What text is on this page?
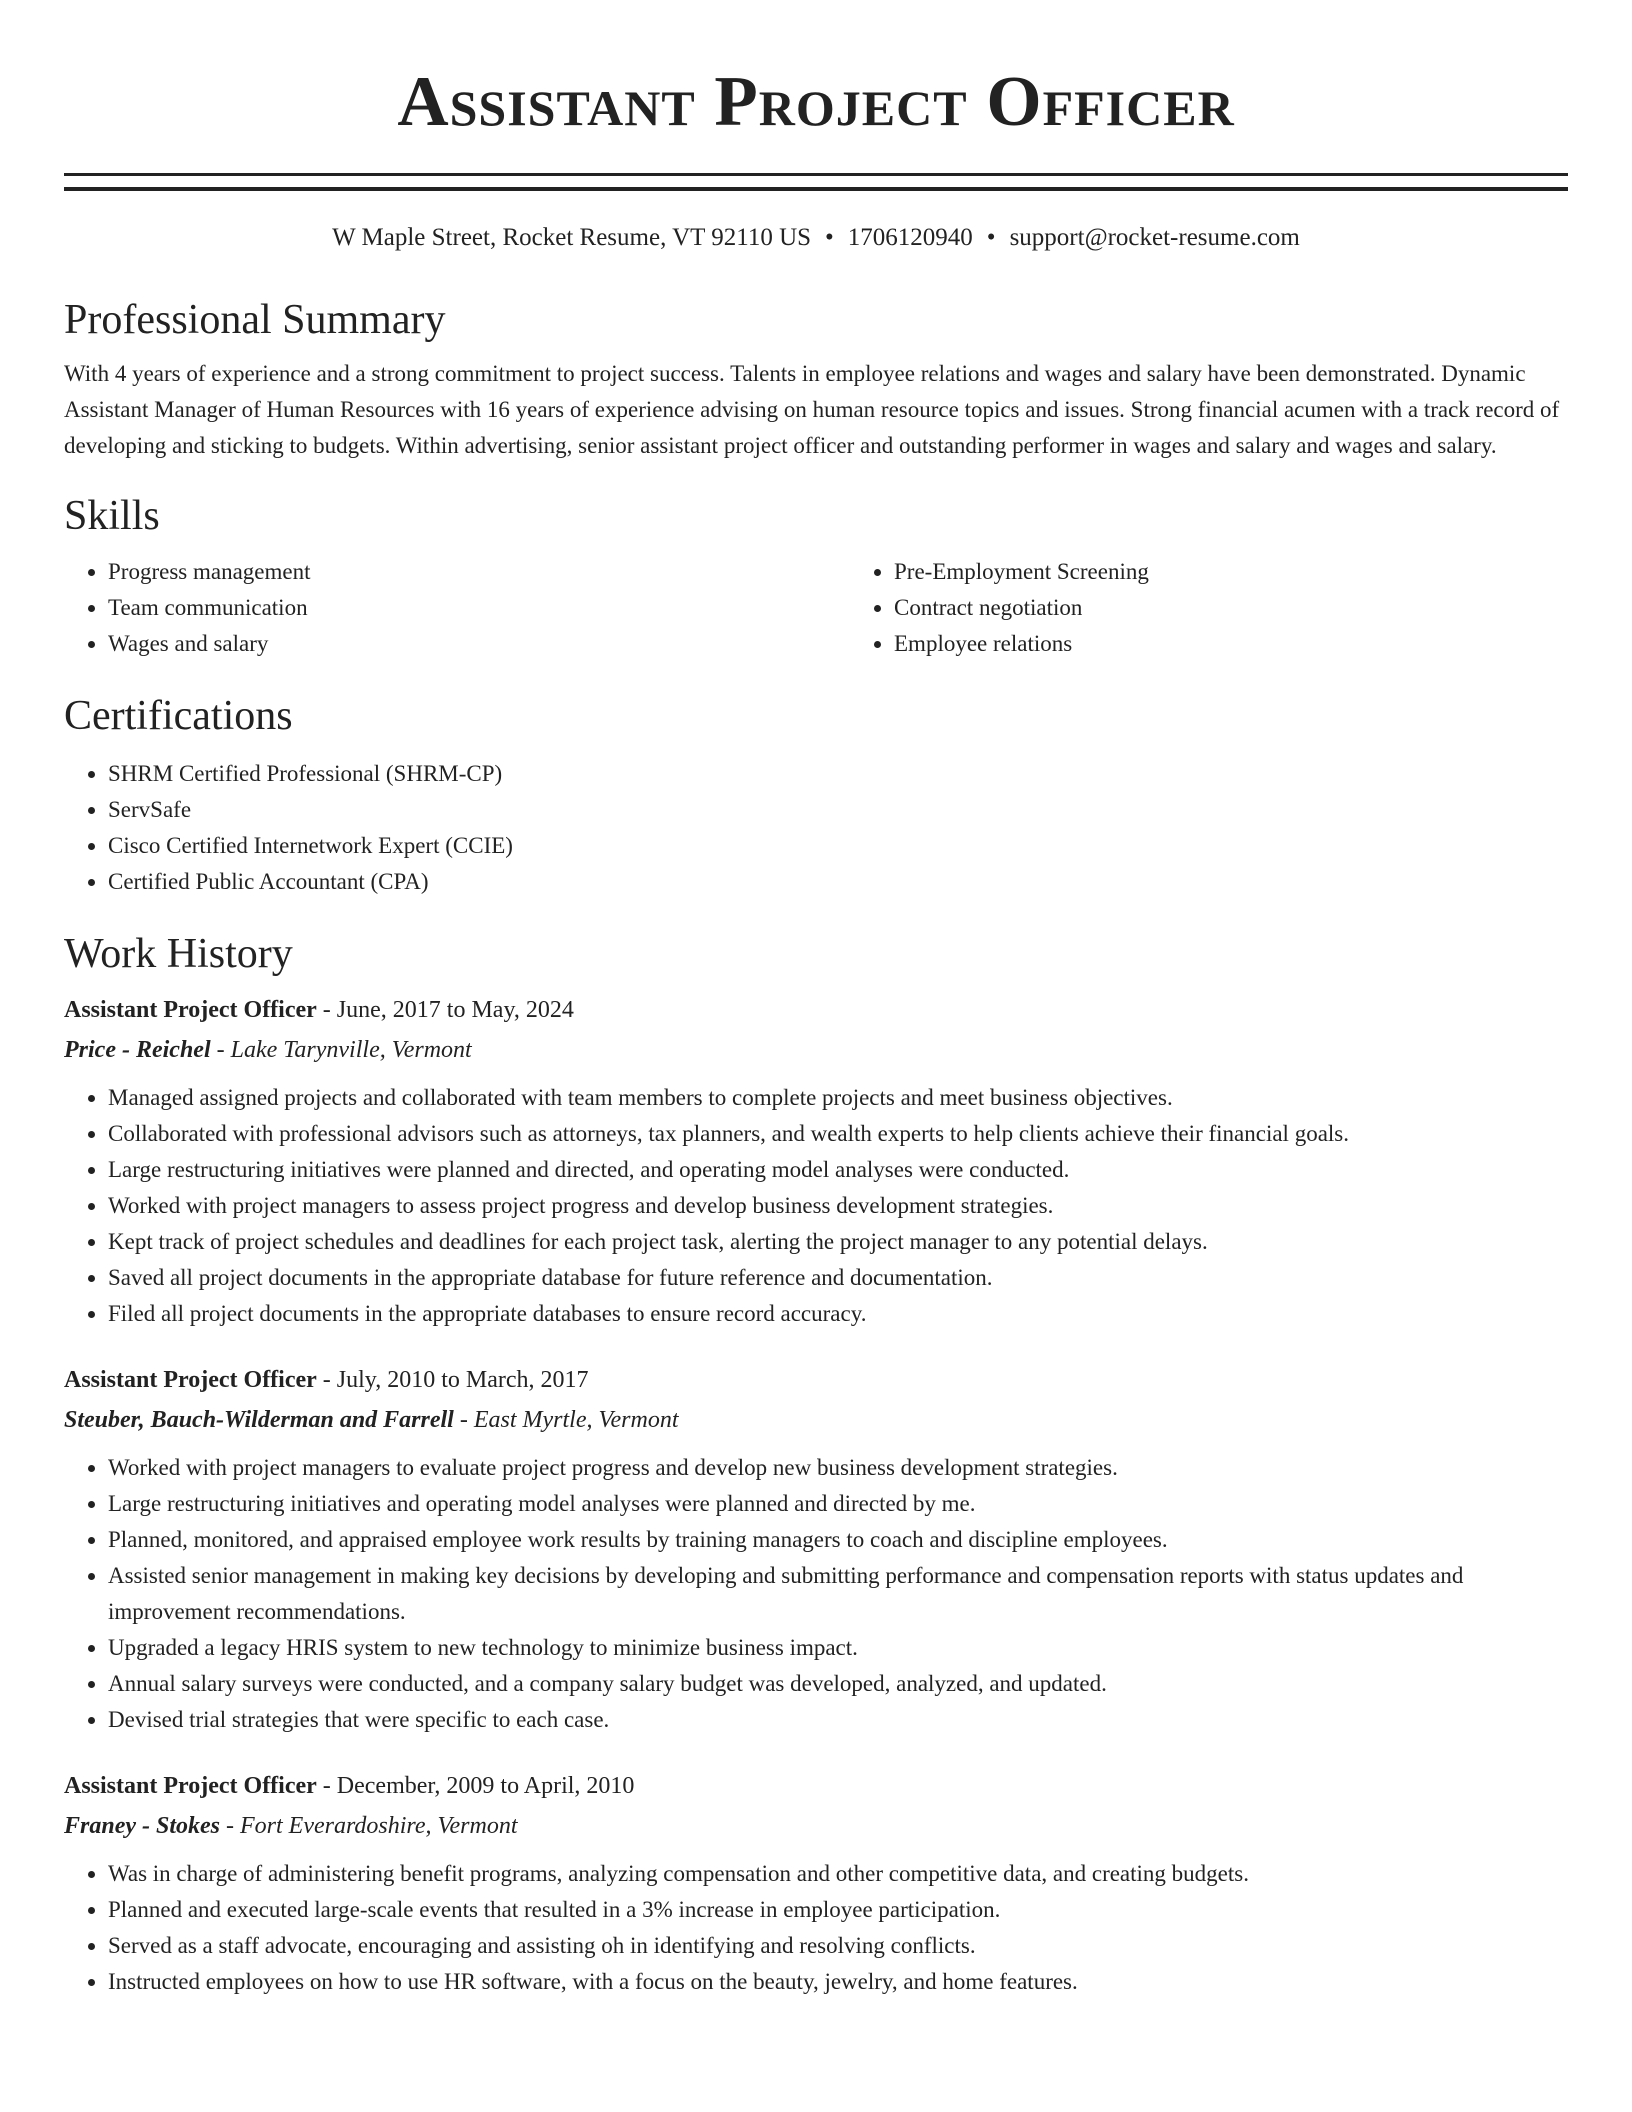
Assistant Project Officer
W Maple Street, Rocket Resume, VT 92110 US • 1706120940 • support@rocket-resume.com
Professional Summary

With 4 years of experience and a strong commitment to project success. Talents in employee relations and wages and salary have been demonstrated. Dynamic Assistant Manager of Human Resources with 16 years of experience advising on human resource topics and issues. Strong financial acumen with a track record of developing and sticking to budgets. Within advertising, senior assistant project officer and outstanding performer in wages and salary and wages and salary.

Skills
• Progress management
• Team communication
• Wages and salary
• Pre-Employment Screening
• Contract negotiation
• Employee relations
Certifications
• SHRM Certified Professional (SHRM-CP)
• ServSafe
• Cisco Certified Internetwork Expert (CCIE)
• Certified Public Accountant (CPA)
Work History
Assistant Project Officer - June, 2017 to May, 2024
Price - Reichel - Lake Tarynville, Vermont
• Managed assigned projects and collaborated with team members to complete projects and meet business objectives.
• Collaborated with professional advisors such as attorneys, tax planners, and wealth experts to help clients achieve their financial goals.
• Large restructuring initiatives were planned and directed, and operating model analyses were conducted.
• Worked with project managers to assess project progress and develop business development strategies.
• Kept track of project schedules and deadlines for each project task, alerting the project manager to any potential delays.
• Saved all project documents in the appropriate database for future reference and documentation.
• Filed all project documents in the appropriate databases to ensure record accuracy.
Assistant Project Officer - July, 2010 to March, 2017
Steuber, Bauch-Wilderman and Farrell - East Myrtle, Vermont
• Worked with project managers to evaluate project progress and develop new business development strategies.
• Large restructuring initiatives and operating model analyses were planned and directed by me.
• Planned, monitored, and appraised employee work results by training managers to coach and discipline employees.
• Assisted senior management in making key decisions by developing and submitting performance and compensation reports with status updates and improvement recommendations.
• Upgraded a legacy HRIS system to new technology to minimize business impact.
• Annual salary surveys were conducted, and a company salary budget was developed, analyzed, and updated.
• Devised trial strategies that were specific to each case.
Assistant Project Officer - December, 2009 to April, 2010
Franey - Stokes - Fort Everardoshire, Vermont
• Was in charge of administering benefit programs, analyzing compensation and other competitive data, and creating budgets.
• Planned and executed large-scale events that resulted in a 3% increase in employee participation.
• Served as a staff advocate, encouraging and assisting oh in identifying and resolving conflicts.
• Instructed employees on how to use HR software, with a focus on the beauty, jewelry, and home features.
